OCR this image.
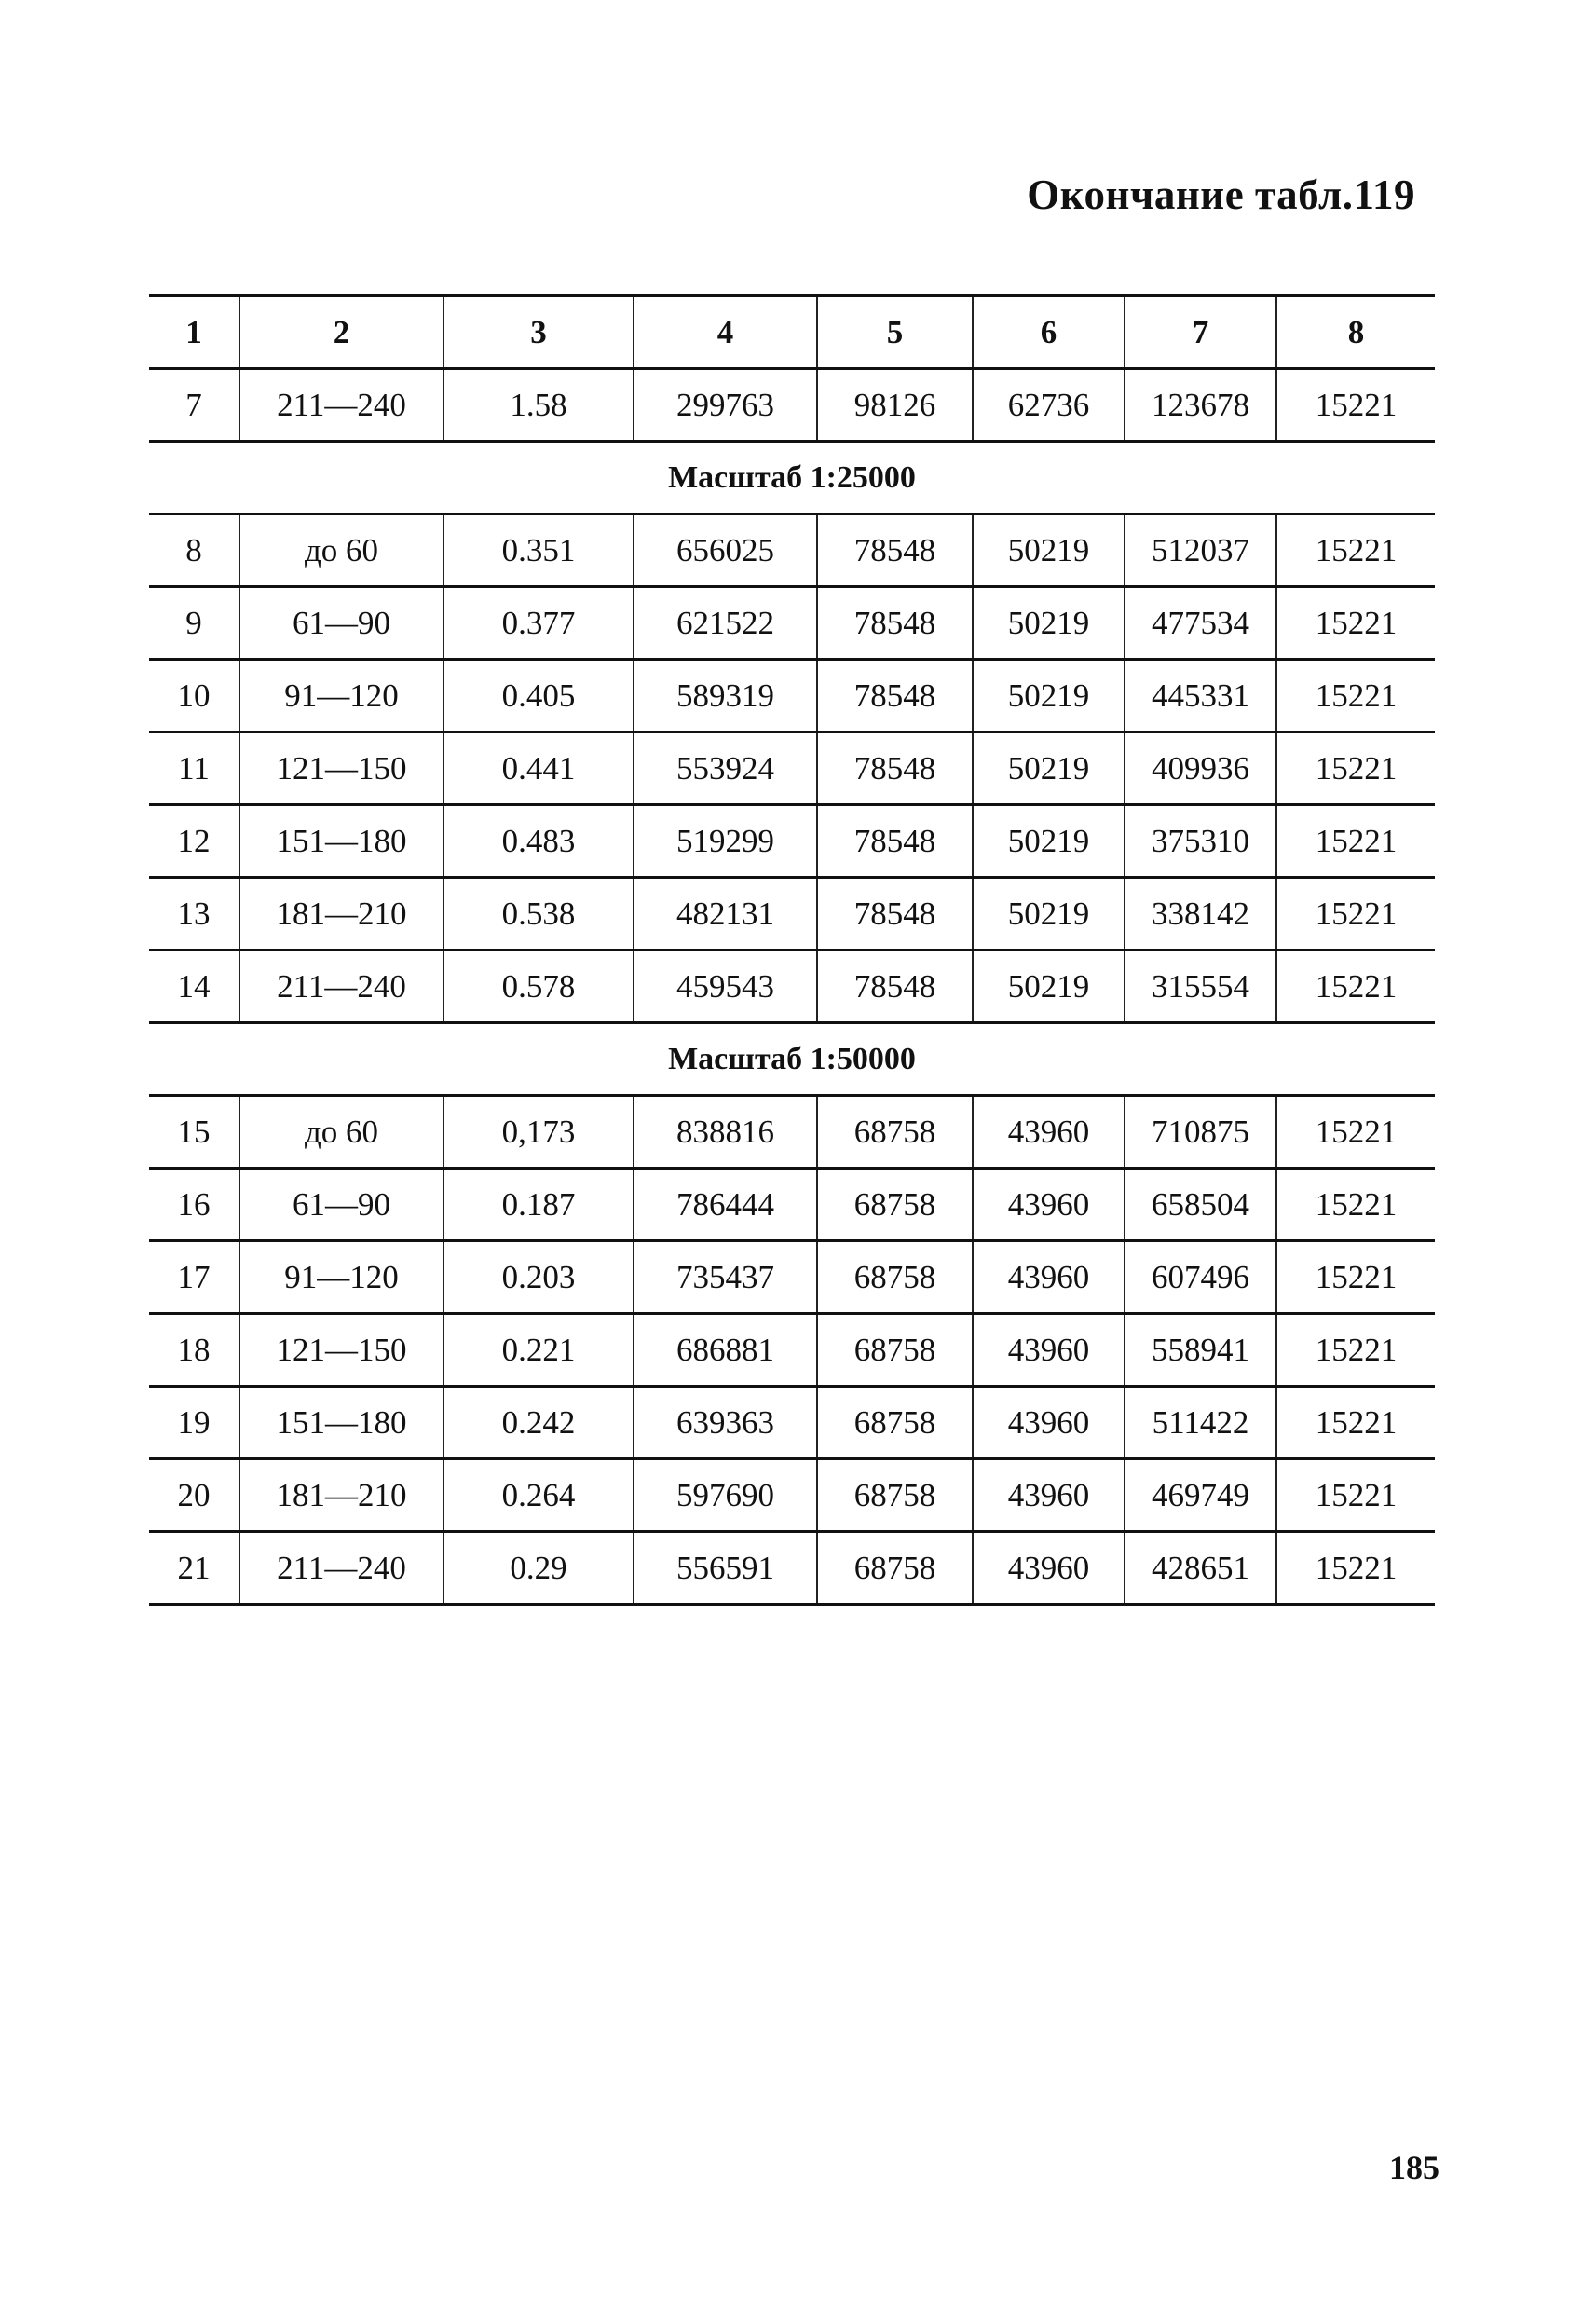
Окончание табл.119
1	2	3	4	5	6	7	8
7	211—240	1.58	299763	98126	62736	123678	15221
Масштаб 1:25000							
8	до 60	0.351	656025	78548	50219	512037	15221
9	61—90	0.377	621522	78548	50219	477534	15221
10	91—120	0.405	589319	78548	50219	445331	15221
11	121—150	0.441	553924	78548	50219	409936	15221
12	151—180	0.483	519299	78548	50219	375310	15221
13	181—210	0.538	482131	78548	50219	338142	15221
14	211—240	0.578	459543	78548	50219	315554	15221
Масштаб 1:50000							
15	до 60	0,173	838816	68758	43960	710875	15221
16	61—90	0.187	786444	68758	43960	658504	15221
17	91—120	0.203	735437	68758	43960	607496	15221
18	121—150	0.221	686881	68758	43960	558941	15221
19	151—180	0.242	639363	68758	43960	511422	15221
20	181—210	0.264	597690	68758	43960	469749	15221
21	211—240	0.29	556591	68758	43960	428651	15221
185
